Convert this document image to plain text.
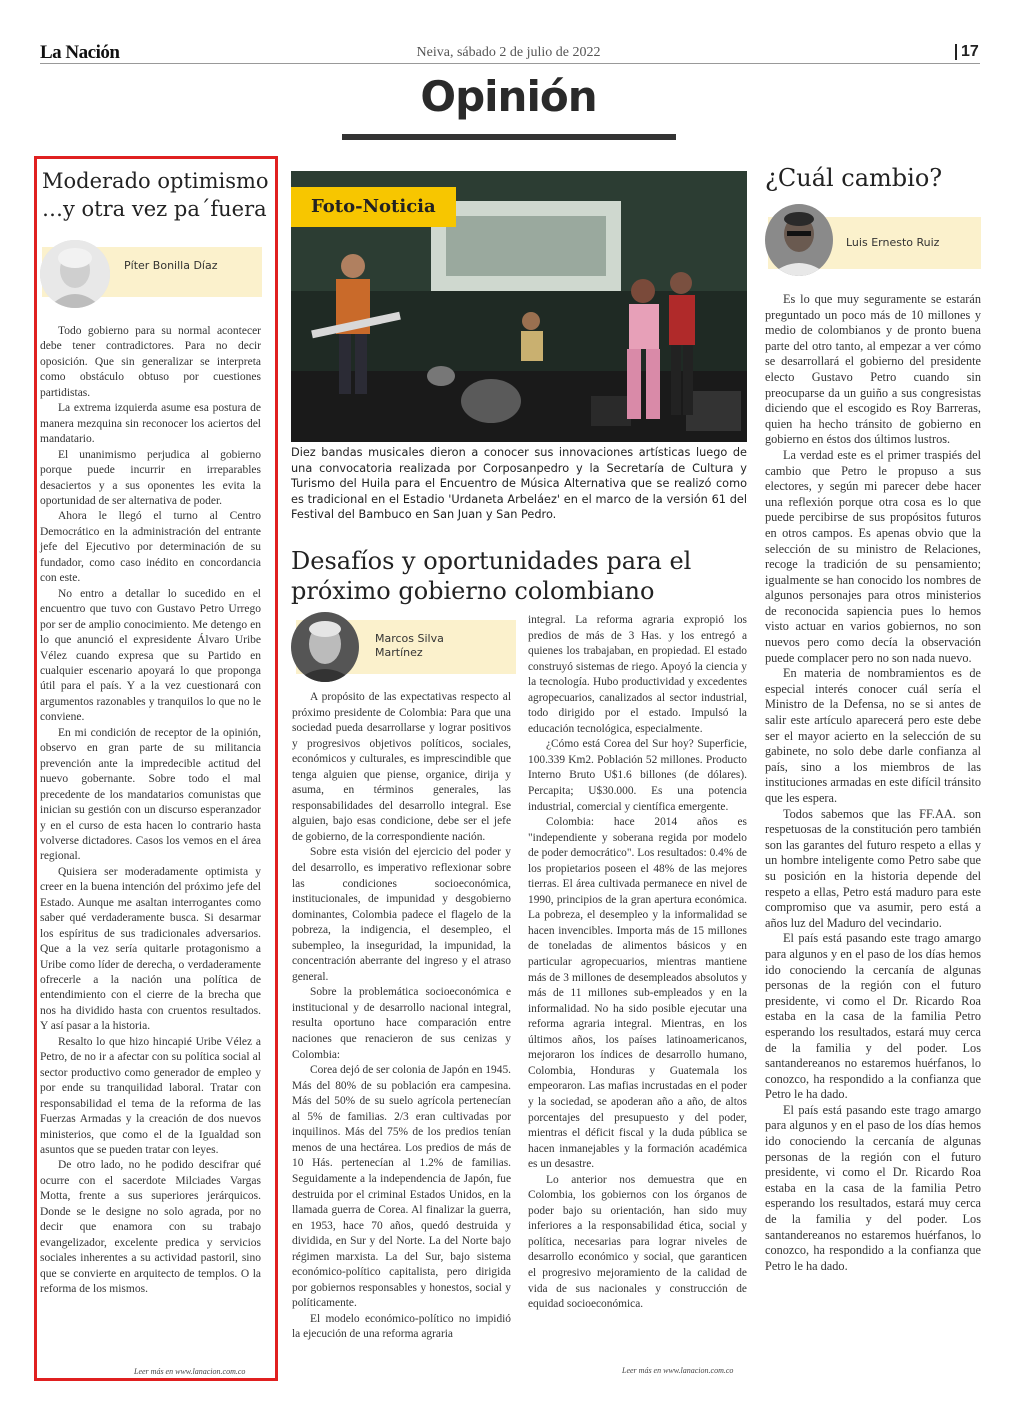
La Nación	Neiva, sábado 2 de julio de 2022	17
Opinión
Moderado optimismo
…y otra vez pa´fuera
Píter Bonilla Díaz

Todo gobierno para su normal acontecer debe tener contradictores. Para no decir oposición. Que sin generalizar se interpreta como obstáculo obtuso por cuestiones partidistas.

La extrema izquierda asume esa postura de manera mezquina sin reconocer los aciertos del mandatario.

El unanimismo perjudica al gobierno porque puede incurrir en irreparables desaciertos y a sus oponentes les evita la oportunidad de ser alternativa de poder.

Ahora le llegó el turno al Centro Democrático en la administración del entrante jefe del Ejecutivo por determinación de su fundador, como caso inédito en concordancia con este.

No entro a detallar lo sucedido en el encuentro que tuvo con Gustavo Petro Urrego por ser de amplio conocimiento. Me detengo en lo que anunció el expresidente Álvaro Uribe Vélez cuando expresa que su Partido en cualquier escenario apoyará lo que proponga útil para el país. Y a la vez cuestionará con argumentos razonables y tranquilos lo que no le conviene.

En mi condición de receptor de la opinión, observo en gran parte de su militancia prevención ante la impredecible actitud del nuevo gobernante. Sobre todo el mal precedente de los mandatarios comunistas que inician su gestión con un discurso esperanzador y en el curso de esta hacen lo contrario hasta volverse dictadores. Casos los vemos en el área regional.

Quisiera ser moderadamente optimista y creer en la buena intención del próximo jefe del Estado. Aunque me asaltan interrogantes como saber qué verdaderamente busca. Si desarmar los espíritus de sus tradicionales adversarios. Que a la vez sería quitarle protagonismo a Uribe como líder de derecha, o verdaderamente ofrecerle a la nación una política de entendimiento con el cierre de la brecha que nos ha dividido hasta con cruentos resultados. Y así pasar a la historia.

Resalto lo que hizo hincapié Uribe Vélez a Petro, de no ir a afectar con su política social al sector productivo como generador de empleo y por ende su tranquilidad laboral. Tratar con responsabilidad el tema de la reforma de las Fuerzas Armadas y la creación de dos nuevos ministerios, que como el de la Igualdad son asuntos que se pueden tratar con leyes.

De otro lado, no he podido descifrar qué ocurre con el sacerdote Milciades Vargas Motta, frente a sus superiores jerárquicos. Donde se le designe no solo agrada, por no decir que enamora con su trabajo evangelizador, excelente predica y servicios sociales inherentes a su actividad pastoril, sino que se convierte en arquitecto de templos. O la reforma de los mismos.

Leer más en www.lanacion.com.co
Foto-Noticia
Diez bandas musicales dieron a conocer sus innovaciones artísticas luego de una convocatoria realizada por Corposanpedro y la Secretaría de Cultura y Turismo del Huila para el Encuentro de Música Alternativa que se realizó como es tradicional en el Estadio 'Urdaneta Arbeláez' en el marco de la versión 61 del Festival del Bambuco en San Juan y San Pedro.
Desafíos y oportunidades para el
próximo gobierno colombiano
Marcos Silva
Martínez

A propósito de las expectativas respecto al próximo presidente de Colombia: Para que una sociedad pueda desarrollarse y lograr positivos y progresivos objetivos políticos, sociales, económicos y culturales, es imprescindible que tenga alguien que piense, organice, dirija y asuma, en términos generales, las responsabilidades del desarrollo integral. Ese alguien, bajo esas condicione, debe ser el jefe de gobierno, de la correspondiente nación.

Sobre esta visión del ejercicio del poder y del desarrollo, es imperativo reflexionar sobre las condiciones socioeconómica, institucionales, de impunidad y desgobierno dominantes, Colombia padece el flagelo de la pobreza, la indigencia, el desempleo, el subempleo, la inseguridad, la impunidad, la concentración aberrante del ingreso y el atraso general.

Sobre la problemática socioeconómica e institucional y de desarrollo nacional integral, resulta oportuno hace comparación entre naciones que renacieron de sus cenizas y Colombia:

Corea dejó de ser colonia de Japón en 1945. Más del 80% de su población era campesina. Más del 50% de su suelo agrícola pertenecían al 5% de familias. 2/3 eran cultivadas por inquilinos. Más del 75% de los predios tenían menos de una hectárea. Los predios de más de 10 Hás. pertenecían al 1.2% de familias. Seguidamente a la independencia de Japón, fue destruida por el criminal Estados Unidos, en la llamada guerra de Corea. Al finalizar la guerra, en 1953, hace 70 años, quedó destruida y dividida, en Sur y del Norte. La del Norte bajo régimen marxista. La del Sur, bajo sistema económico-político capitalista, pero dirigida por gobiernos responsables y honestos, social y políticamente.

El modelo económico-político no impidió la ejecución de una reforma agraria

integral. La reforma agraria expropió los predios de más de 3 Has. y los entregó a quienes los trabajaban, en propiedad. El estado construyó sistemas de riego. Apoyó la ciencia y la tecnología. Hubo productividad y excedentes agropecuarios, canalizados al sector industrial, todo dirigido por el estado. Impulsó la educación tecnológica, especialmente.

¿Cómo está Corea del Sur hoy? Superficie, 100.339 Km2. Población 52 millones. Producto Interno Bruto U$1.6 billones (de dólares). Percapita; U$30.000. Es una potencia industrial, comercial y científica emergente.

Colombia: hace 2014 años es "independiente y soberana regida por modelo de poder democrático". Los resultados: 0.4% de los propietarios poseen el 48% de las mejores tierras. El área cultivada permanece en nivel de 1990, principios de la gran apertura económica. La pobreza, el desempleo y la informalidad se hacen invencibles. Importa más de 15 millones de toneladas de alimentos básicos y en particular agropecuarios, mientras mantiene más de 3 millones de desempleados absolutos y más de 11 millones sub-empleados y en la informalidad. No ha sido posible ejecutar una reforma agraria integral. Mientras, en los últimos años, los países latinoamericanos, mejoraron los índices de desarrollo humano, Colombia, Honduras y Guatemala los empeoraron. Las mafias incrustadas en el poder y la sociedad, se apoderan año a año, de altos porcentajes del presupuesto y del poder, mientras el déficit fiscal y la duda pública se hacen inmanejables y la formación académica es un desastre.

Lo anterior nos demuestra que en Colombia, los gobiernos con los órganos de poder bajo su orientación, han sido muy inferiores a la responsabilidad ética, social y política, necesarias para lograr niveles de desarrollo económico y social, que garanticen el progresivo mejoramiento de la calidad de vida de sus nacionales y construcción de equidad socioeconómica.

Leer más en www.lanacion.com.co
¿Cuál cambio?
Luis Ernesto Ruiz

Es lo que muy seguramente se estarán preguntado un poco más de 10 millones y medio de colombianos y de pronto buena parte del otro tanto, al empezar a ver cómo se desarrollará el gobierno del presidente electo Gustavo Petro cuando sin preocuparse da un guiño a sus congresistas diciendo que el escogido es Roy Barreras, quien ha hecho tránsito de gobierno en gobierno en éstos dos últimos lustros.

La verdad este es el primer traspiés del cambio que Petro le propuso a sus electores, y según mi parecer debe hacer una reflexión porque otra cosa es lo que puede percibirse de sus propósitos futuros en otros campos. Es apenas obvio que la selección de su ministro de Relaciones, recoge la tradición de su pensamiento; igualmente se han conocido los nombres de algunos personajes para otros ministerios de reconocida sapiencia pues lo hemos visto actuar en varios gobiernos, no son nuevos pero como decía la observación puede complacer pero no son nada nuevo.

En materia de nombramientos es de especial interés conocer cuál sería el Ministro de la Defensa, no se si antes de salir este artículo aparecerá pero este debe ser el mayor acierto en la selección de su gabinete, no solo debe darle confianza al país, sino a los miembros de las instituciones armadas en este difícil tránsito que les espera.

Todos sabemos que las FF.AA. son respetuosas de la constitución pero también son las garantes del futuro respeto a ellas y un hombre inteligente como Petro sabe que su posición en la historia depende del respeto a ellas, Petro está maduro para este compromiso que va asumir, pero está a años luz del Maduro del vecindario.

El país está pasando este trago amargo para algunos y en el paso de los días hemos ido conociendo la cercanía de algunas personas de la región con el futuro presidente, vi como el Dr. Ricardo Roa estaba en la casa de la familia Petro esperando los resultados, estará muy cerca de la familia y del poder. Los santandereanos no estaremos huérfanos, lo conozco, ha respondido a la confianza que Petro le ha dado.

El país está pasando este trago amargo para algunos y en el paso de los días hemos ido conociendo la cercanía de algunas personas de la región con el futuro presidente, vi como el Dr. Ricardo Roa estaba en la casa de la familia Petro esperando los resultados, estará muy cerca de la familia y del poder. Los santandereanos no estaremos huérfanos, lo conozco, ha respondido a la confianza que Petro le ha dado.
